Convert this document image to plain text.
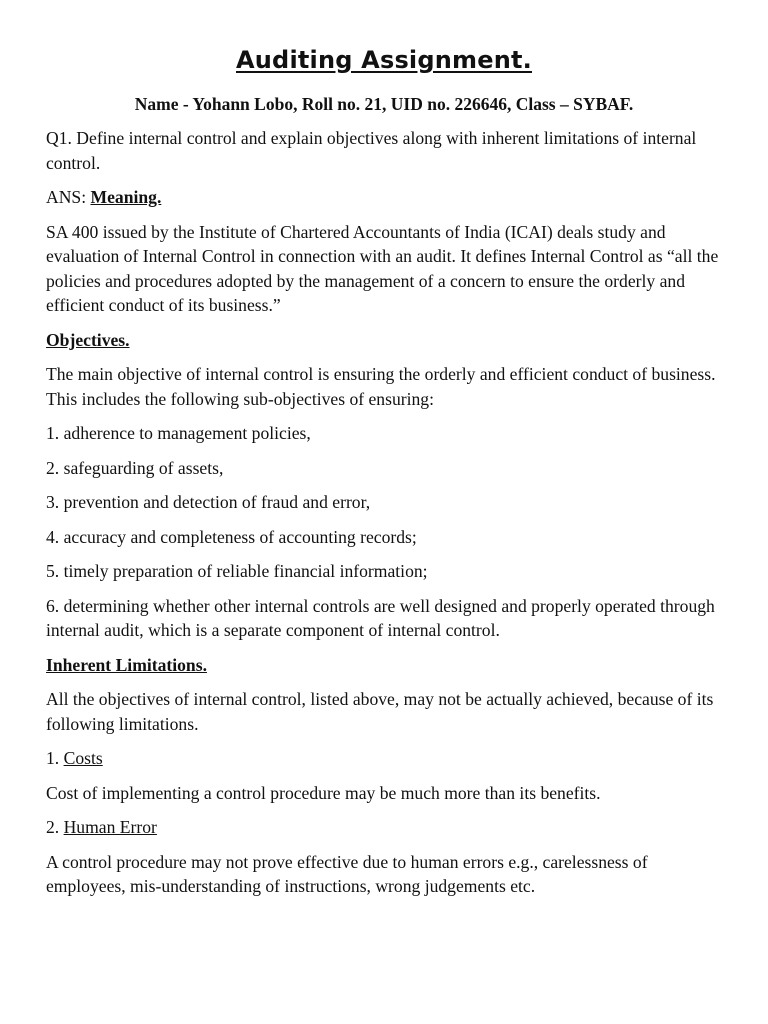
Auditing Assignment.
Name - Yohann Lobo, Roll no. 21, UID no. 226646, Class – SYBAF.

Q1. Define internal control and explain objectives along with inherent limitations of internal control.

ANS: Meaning.

SA 400 issued by the Institute of Chartered Accountants of India (ICAI) deals study and evaluation of Internal Control in connection with an audit. It defines Internal Control as “all the policies and procedures adopted by the management of a concern to ensure the orderly and efficient conduct of its business.”

Objectives.

The main objective of internal control is ensuring the orderly and efficient conduct of business. This includes the following sub-objectives of ensuring:

1. adherence to management policies,

2. safeguarding of assets,

3. prevention and detection of fraud and error,

4. accuracy and completeness of accounting records;

5. timely preparation of reliable financial information;

6. determining whether other internal controls are well designed and properly operated through internal audit, which is a separate component of internal control.

Inherent Limitations.

All the objectives of internal control, listed above, may not be actually achieved, because of its following limitations.

1. Costs

Cost of implementing a control procedure may be much more than its benefits.

2. Human Error

A control procedure may not prove effective due to human errors e.g., carelessness of employees, mis-understanding of instructions, wrong judgements etc.
